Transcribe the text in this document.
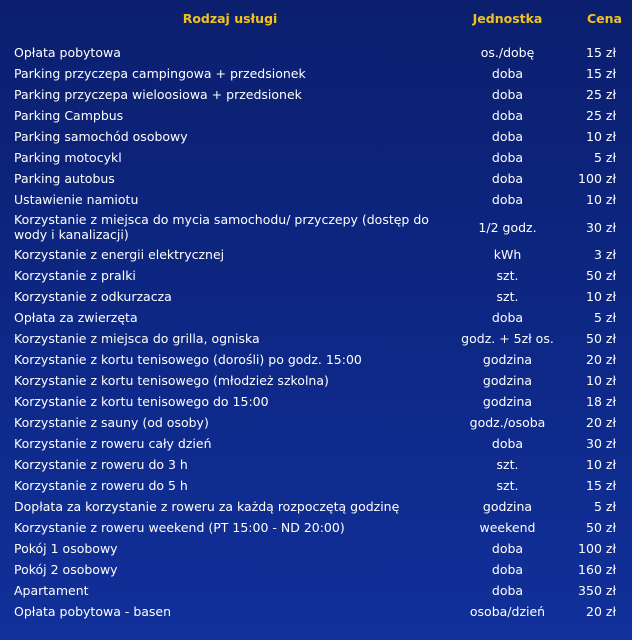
Rodzaj usługi	Jednostka	Cena

Opłata pobytowa	os./dobę	15 zł
Parking przyczepa campingowa + przedsionek	doba	15 zł
Parking przyczepa wieloosiowa + przedsionek	doba	25 zł
Parking Campbus	doba	25 zł
Parking samochód osobowy	doba	10 zł
Parking motocykl	doba	5 zł
Parking autobus	doba	100 zł
Ustawienie namiotu	doba	10 zł
Korzystanie z miejsca do mycia samochodu/ przyczepy (dostęp do wody i kanalizacji)	1/2 godz.	30 zł
Korzystanie z energii elektrycznej	kWh	3 zł
Korzystanie z pralki	szt.	50 zł
Korzystanie z odkurzacza	szt.	10 zł
Opłata za zwierzęta	doba	5 zł
Korzystanie z miejsca do grilla, ogniska	godz. + 5zł os.	50 zł
Korzystanie z kortu tenisowego (dorośli) po godz. 15:00	godzina	20 zł
Korzystanie z kortu tenisowego (młodzież szkolna)	godzina	10 zł
Korzystanie z kortu tenisowego do 15:00	godzina	18 zł
Korzystanie z sauny (od osoby)	godz./osoba	20 zł
Korzystanie z roweru cały dzień	doba	30 zł
Korzystanie z roweru do 3 h	szt.	10 zł
Korzystanie z roweru do 5 h	szt.	15 zł
Dopłata za korzystanie z roweru za każdą rozpoczętą godzinę	godzina	5 zł
Korzystanie z roweru weekend (PT 15:00 - ND 20:00)	weekend	50 zł
Pokój 1 osobowy	doba	100 zł
Pokój 2 osobowy	doba	160 zł
Apartament	doba	350 zł
Opłata pobytowa - basen	osoba/dzień	20 zł
